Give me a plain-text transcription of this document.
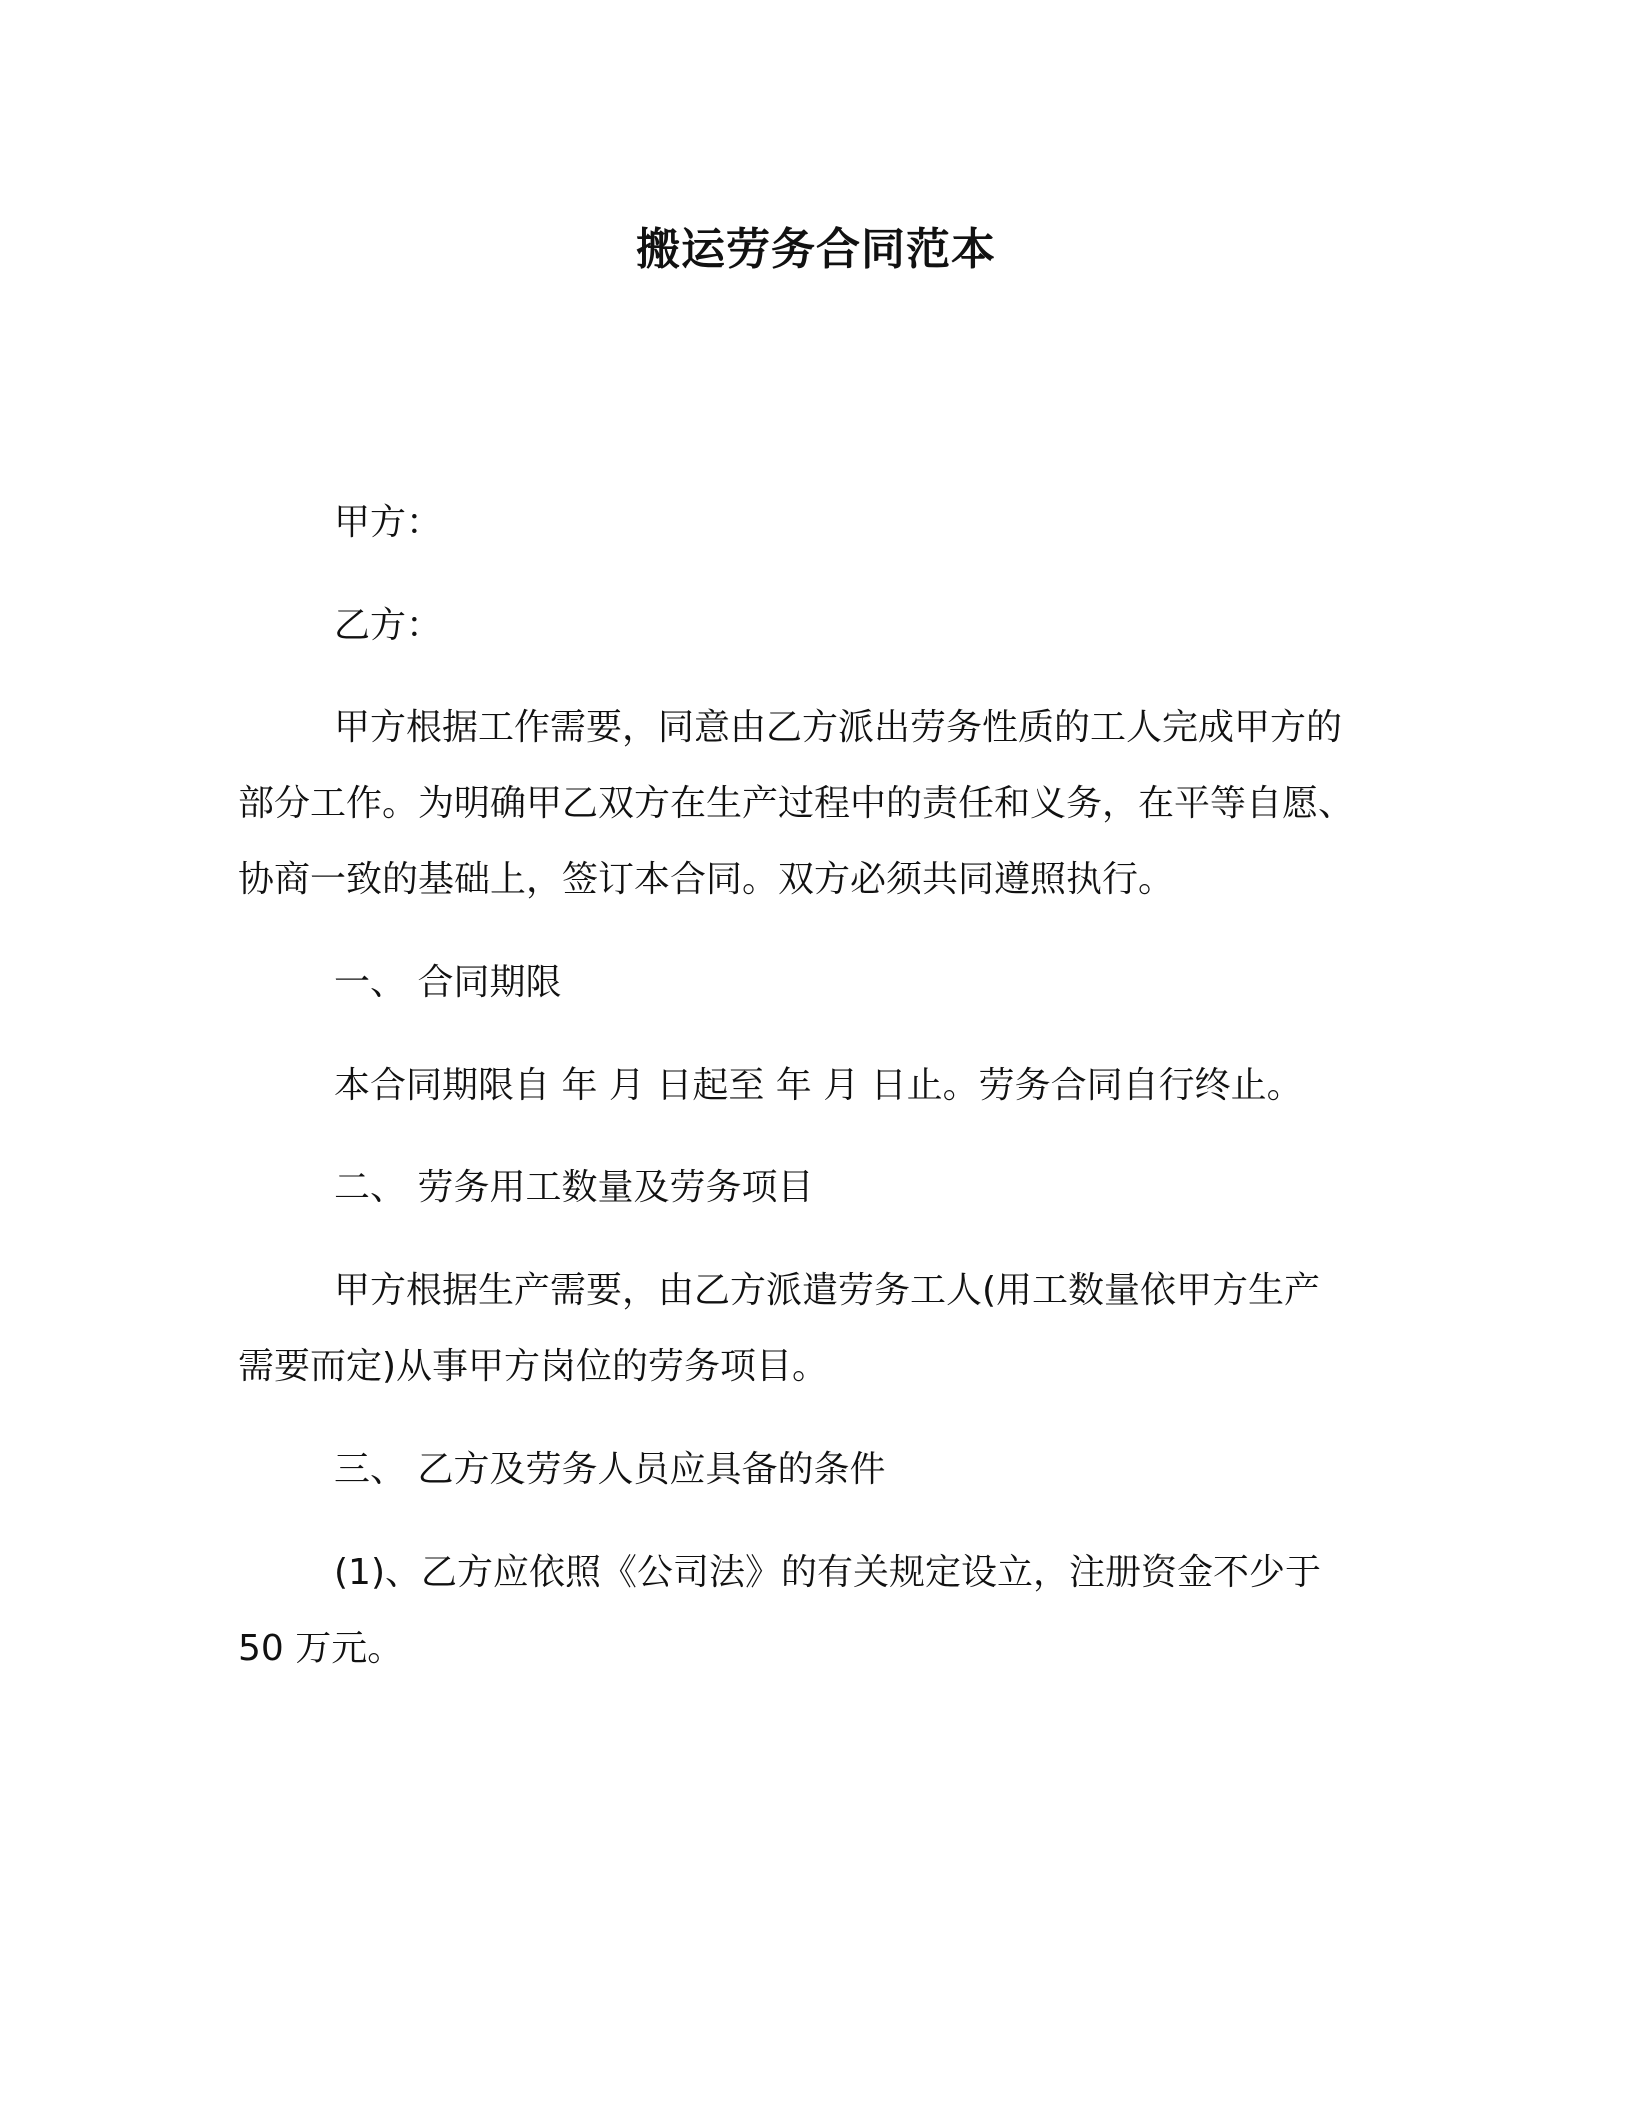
搬运劳务合同范本

甲方：

乙方：

甲方根据工作需要，同意由乙方派出劳务性质的工人完成甲方的

部分工作。为明确甲乙双方在生产过程中的责任和义务，在平等自愿、

协商一致的基础上，签订本合同。双方必须共同遵照执行。

一、 合同期限

本合同期限自 年 月 日起至 年 月 日止。劳务合同自行终止。

二、 劳务用工数量及劳务项目

甲方根据生产需要，由乙方派遣劳务工人(用工数量依甲方生产

需要而定)从事甲方岗位的劳务项目。

三、 乙方及劳务人员应具备的条件

(1)、乙方应依照《公司法》的有关规定设立，注册资金不少于

50 万元。
